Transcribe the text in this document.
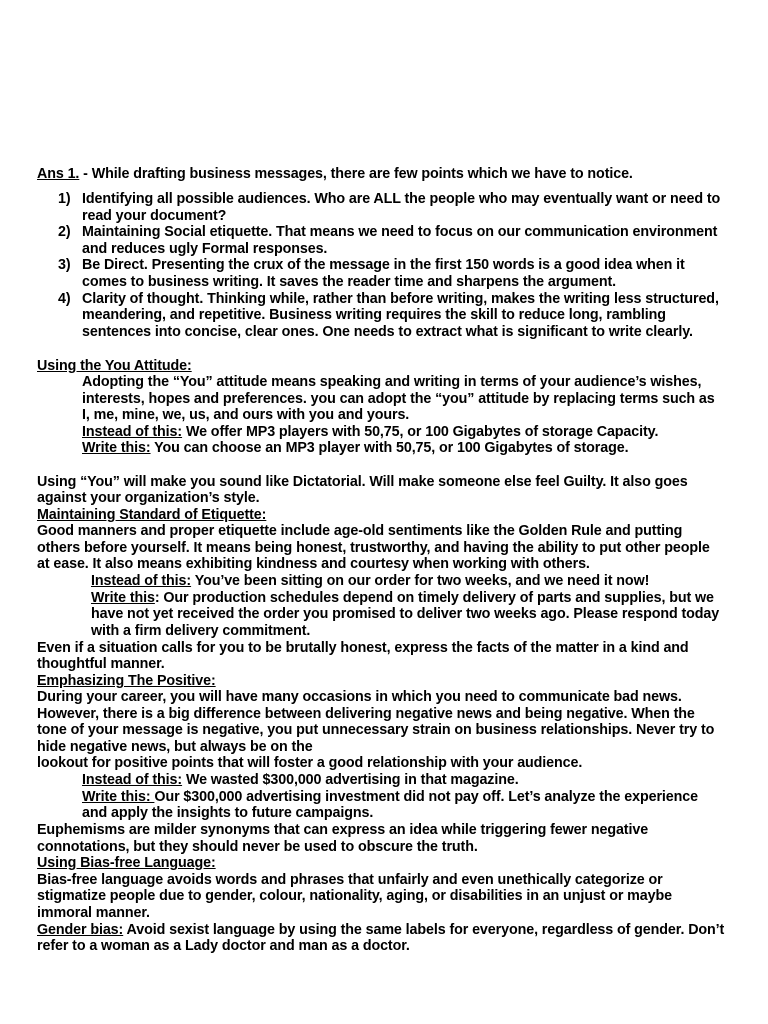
Ans 1. - While drafting business messages, there are few points which we have to notice.
1) Identifying all possible audiences. Who are ALL the people who may eventually want or need to
read your document?
2) Maintaining Social etiquette. That means we need to focus on our communication environment
and reduces ugly Formal responses.
3) Be Direct. Presenting the crux of the message in the first 150 words is a good idea when it
comes to business writing. It saves the reader time and sharpens the argument.
4) Clarity of thought. Thinking while, rather than before writing, makes the writing less structured,
meandering, and repetitive. Business writing requires the skill to reduce long, rambling
sentences into concise, clear ones. One needs to extract what is significant to write clearly.
Using the You Attitude:
Adopting the “You” attitude means speaking and writing in terms of your audience’s wishes,
interests, hopes and preferences. you can adopt the “you” attitude by replacing terms such as
I, me, mine, we, us, and ours with you and yours.
Instead of this: We offer MP3 players with 50,75, or 100 Gigabytes of storage Capacity.
Write this: You can choose an MP3 player with 50,75, or 100 Gigabytes of storage.
Using “You” will make you sound like Dictatorial. Will make someone else feel Guilty. It also goes
against your organization’s style.
Maintaining Standard of Etiquette:
Good manners and proper etiquette include age-old sentiments like the Golden Rule and putting
others before yourself. It means being honest, trustworthy, and having the ability to put other people
at ease. It also means exhibiting kindness and courtesy when working with others.
Instead of this: You’ve been sitting on our order for two weeks, and we need it now!
Write this: Our production schedules depend on timely delivery of parts and supplies, but we
have not yet received the order you promised to deliver two weeks ago. Please respond today
with a firm delivery commitment.
Even if a situation calls for you to be brutally honest, express the facts of the matter in a kind and
thoughtful manner.
Emphasizing The Positive:
During your career, you will have many occasions in which you need to communicate bad news.
However, there is a big difference between delivering negative news and being negative. When the
tone of your message is negative, you put unnecessary strain on business relationships. Never try to
hide negative news, but always be on the
lookout for positive points that will foster a good relationship with your audience.
Instead of this: We wasted $300,000 advertising in that magazine.
Write this: Our $300,000 advertising investment did not pay off. Let’s analyze the experience
and apply the insights to future campaigns.
Euphemisms are milder synonyms that can express an idea while triggering fewer negative
connotations, but they should never be used to obscure the truth.
Using Bias-free Language:
Bias-free language avoids words and phrases that unfairly and even unethically categorize or
stigmatize people due to gender, colour, nationality, aging, or disabilities in an unjust or maybe
immoral manner.
Gender bias: Avoid sexist language by using the same labels for everyone, regardless of gender. Don’t
refer to a woman as a Lady doctor and man as a doctor.
